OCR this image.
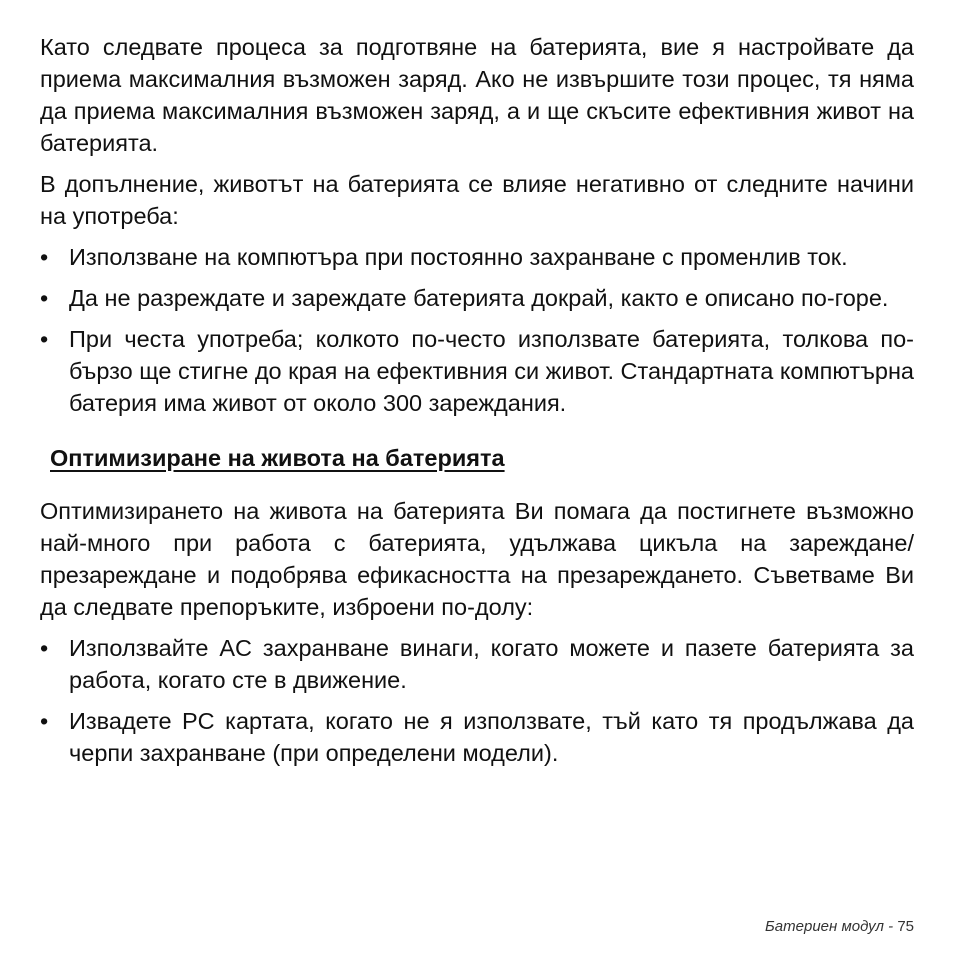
Като следвате процеса за подготвяне на батерията, вие я настройвате да приема максималния възможен заряд. Ако не извършите този процес, тя няма да приема максималния възможен заряд, а и ще скъсите ефективния живот на батерията.

В допълнение, животът на батерията се влияе негативно от следните начини на употреба:

• Използване на компютъра при постоянно захранване с променлив ток.
• Да не разреждате и зареждате батерията докрай, както е описано по-горе.
• При честа употреба; колкото по-често използвате батерията, толкова по-бързо ще стигне до края на ефективния си живот. Стандартната компютърна батерия има живот от около 300 зареждания.
Оптимизиране на живота на батерията

Оптимизирането на живота на батерията Ви помага да постигнете възможно най-много при работа с батерията, удължава цикъла на зареждане/презареждане и подобрява ефикасността на презареждането. Съветваме Ви да следвате препоръките, изброени по-долу:

• Използвайте AC захранване винаги, когато можете и пазете батерията за работа, когато сте в движение.
• Извадете PC картата, когато не я използвате, тъй като тя продължава да черпи захранване (при определени модели).
Батериен модул - 75
